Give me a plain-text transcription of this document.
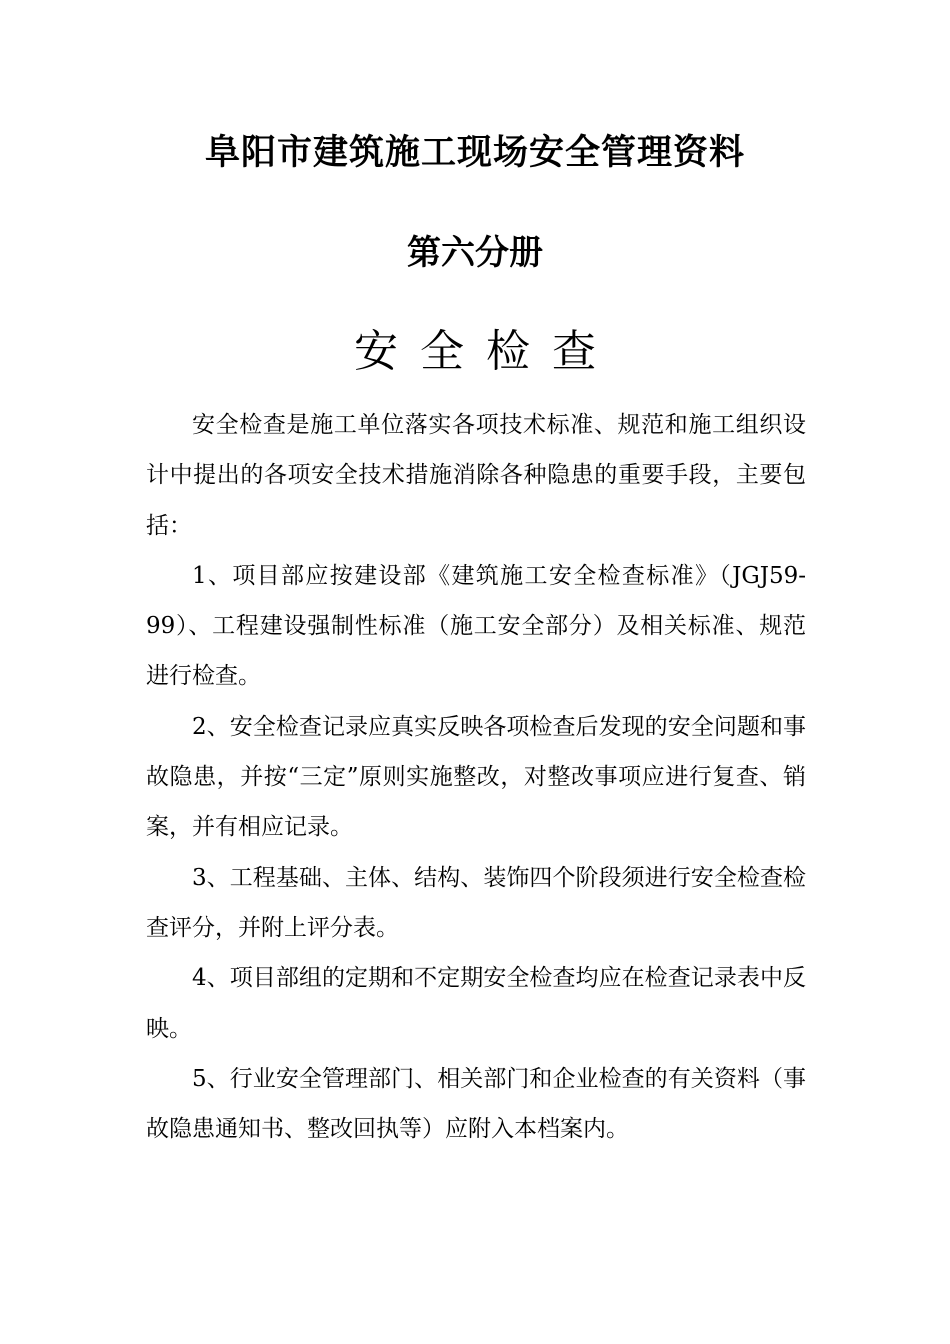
阜阳市建筑施工现场安全管理资料
第六分册
安全检查

安全检查是施工单位落实各项技术标准、规范和施工组织设计中提出的各项安全技术措施消除各种隐患的重要手段，主要包括：

1、项目部应按建设部《建筑施工安全检查标准》（JGJ59-99）、工程建设强制性标准（施工安全部分）及相关标准、规范进行检查。

2、安全检查记录应真实反映各项检查后发现的安全问题和事故隐患，并按“三定”原则实施整改，对整改事项应进行复查、销案，并有相应记录。

3、工程基础、主体、结构、装饰四个阶段须进行安全检查检查评分，并附上评分表。

4、项目部组的定期和不定期安全检查均应在检查记录表中反映。

5、行业安全管理部门、相关部门和企业检查的有关资料（事故隐患通知书、整改回执等）应附入本档案内。
